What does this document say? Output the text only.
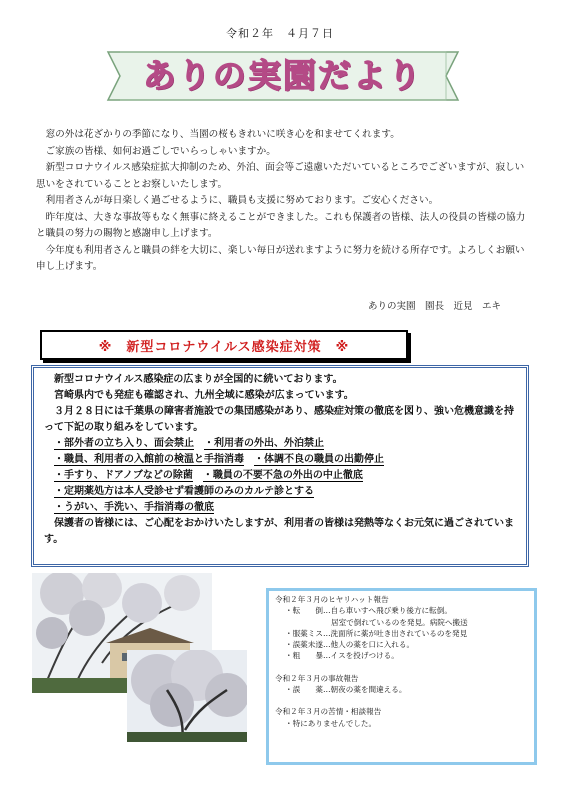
令和２年　４月７日
ありの実園だより

窓の外は花ざかりの季節になり、当園の桜もきれいに咲き心を和ませてくれます。

ご家族の皆様、如何お過ごしでいらっしゃいますか。

新型コロナウイルス感染症拡大抑制のため、外泊、面会等ご遠慮いただいているところでございますが、寂しい思いをされていることとお察しいたします。

利用者さんが毎日楽しく過ごせるように、職員も支援に努めております。ご安心ください。

昨年度は、大きな事故等もなく無事に終えることができました。これも保護者の皆様、法人の役員の皆様の協力と職員の努力の賜物と感謝申し上げます。

今年度も利用者さんと職員の絆を大切に、楽しい毎日が送れますように努力を続ける所存です。よろしくお願い申し上げます。

ありの実園　園長　近見　エキ
※　新型コロナウイルス感染症対策　※

新型コロナウイルス感染症の広まりが全国的に続いております。

宮崎県内でも発症も確認され、九州全域に感染が広まっています。

３月２８日には千葉県の障害者施設での集団感染があり、感染症対策の徹底を図り、強い危機意識を持って下記の取り組みをしています。

・部外者の立ち入り、面会禁止　 ・利用者の外出、外泊禁止

・職員、利用者の入館前の検温と手指消毒　 ・体調不良の職員の出勤停止

・手すり、ドアノブなどの除菌　 ・職員の不要不急の外出の中止徹底

・定期薬処方は本人受診せず看護師のみのカルテ診とする

・うがい、手洗い、手指消毒の徹底

保護者の皆様には、ご心配をおかけいたしますが、利用者の皆様は発熱等なくお元気に過ごされています。

令和２年３月のヒヤリハット報告

・転　　倒…自ら車いすへ飛び乗り後方に転倒。

居室で倒れているのを発見。病院へ搬送

・服薬ミス…洗面所に薬が吐き出されているのを発見

・誤薬未遂…他人の薬を口に入れる。

・粗　　暴…イスを投げつける。

令和２年３月の事故報告

・誤　　薬…朝夜の薬を間違える。

令和２年３月の苦情・相談報告

・特にありませんでした。
